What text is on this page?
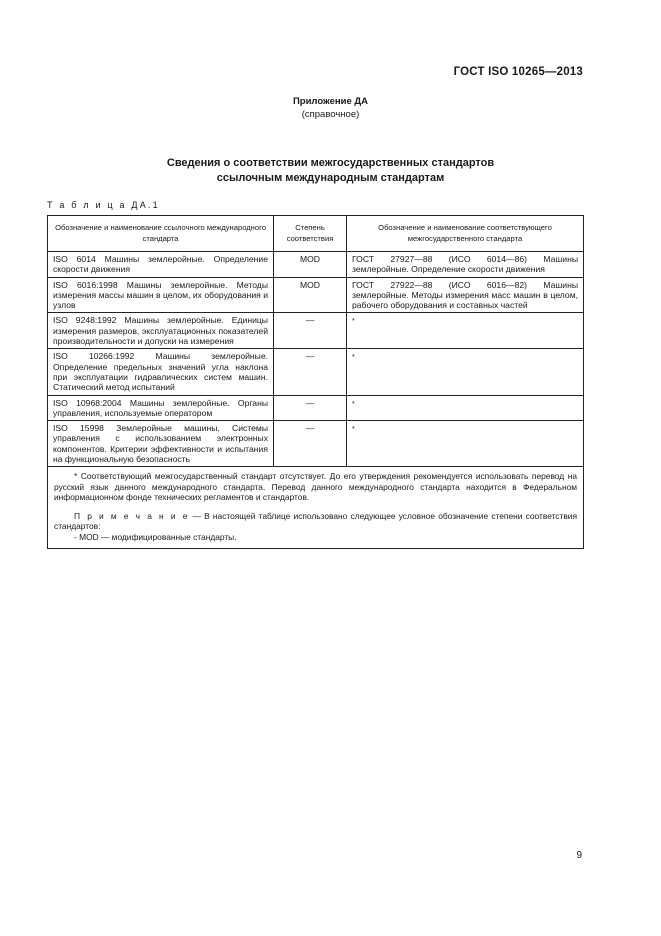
ГОСТ ISO 10265—2013
Приложение ДА
(справочное)
Сведения о соответствии межгосударственных стандартов
ссылочным международным стандартам
Т а б л и ц а ДА.1
Обозначение и наименование ссылочного международного стандарта	Степень соответствия	Обозначение и наименование соответствующего межгосударственного стандарта
ISO 6014 Машины землеройные. Определение скорости движения	MOD	ГОСТ 27927—88 (ИСО 6014—86) Машины землеройные. Определение скорости движения
ISO 6016:1998 Машины землеройные. Методы измерения массы машин в целом, их оборудования и узлов	MOD	ГОСТ 27922—88 (ИСО 6016—82) Машины землеройные. Методы измерения масс машин в целом, рабочего оборудования и составных частей
ISO 9248:1992 Машины землеройные. Единицы измерения размеров, эксплуатационных показателей производительности и допуски на измерения	—	*
ISO 10266:1992 Машины землеройные. Определение предельных значений угла наклона при эксплуатации гидравлических систем машин. Статический метод испытаний	—	*
ISO 10968:2004 Машины землеройные. Органы управления, используемые оператором	—	*
ISO 15998 Землеройные машины. Системы управления с использованием электронных компонентов. Критерии эффективности и испытания на функциональную безопасность	—	*

* Соответствующий межгосударственный стандарт отсутствует. До его утверждения рекомендуется использовать перевод на русский язык данного международного стандарта. Перевод данного международного стандарта находится в Федеральном информационном фонде технических регламентов и стандартов.

П р и м е ч а н и е — В настоящей таблице использовано следующее условное обозначение степени соответствия стандартов:

- MOD — модифицированные стандарты.		

9
